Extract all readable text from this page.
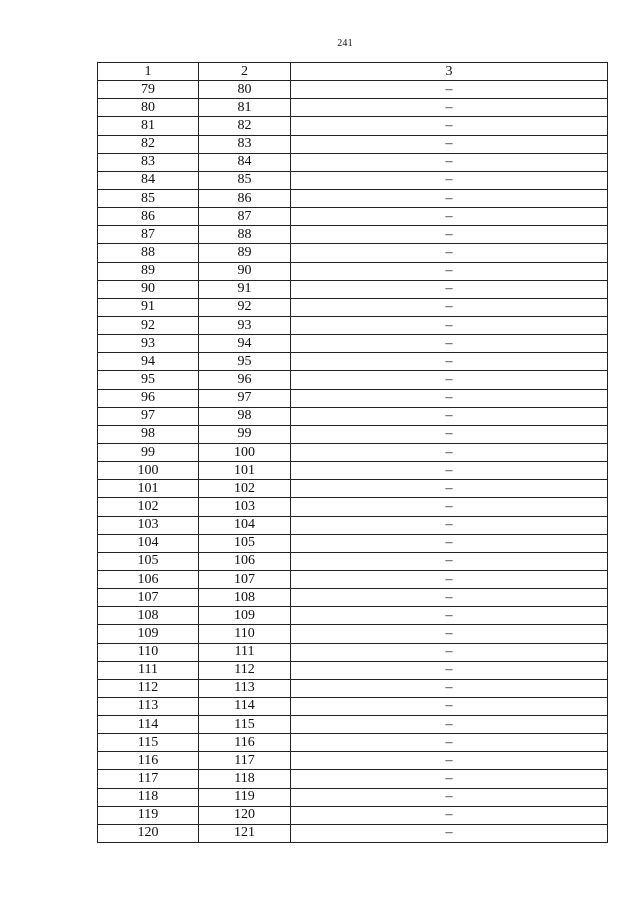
241
1	2	3
79	80	–
80	81	–
81	82	–
82	83	–
83	84	–
84	85	–
85	86	–
86	87	–
87	88	–
88	89	–
89	90	–
90	91	–
91	92	–
92	93	–
93	94	–
94	95	–
95	96	–
96	97	–
97	98	–
98	99	–
99	100	–
100	101	–
101	102	–
102	103	–
103	104	–
104	105	–
105	106	–
106	107	–
107	108	–
108	109	–
109	110	–
110	111	–
111	112	–
112	113	–
113	114	–
114	115	–
115	116	–
116	117	–
117	118	–
118	119	–
119	120	–
120	121	–
